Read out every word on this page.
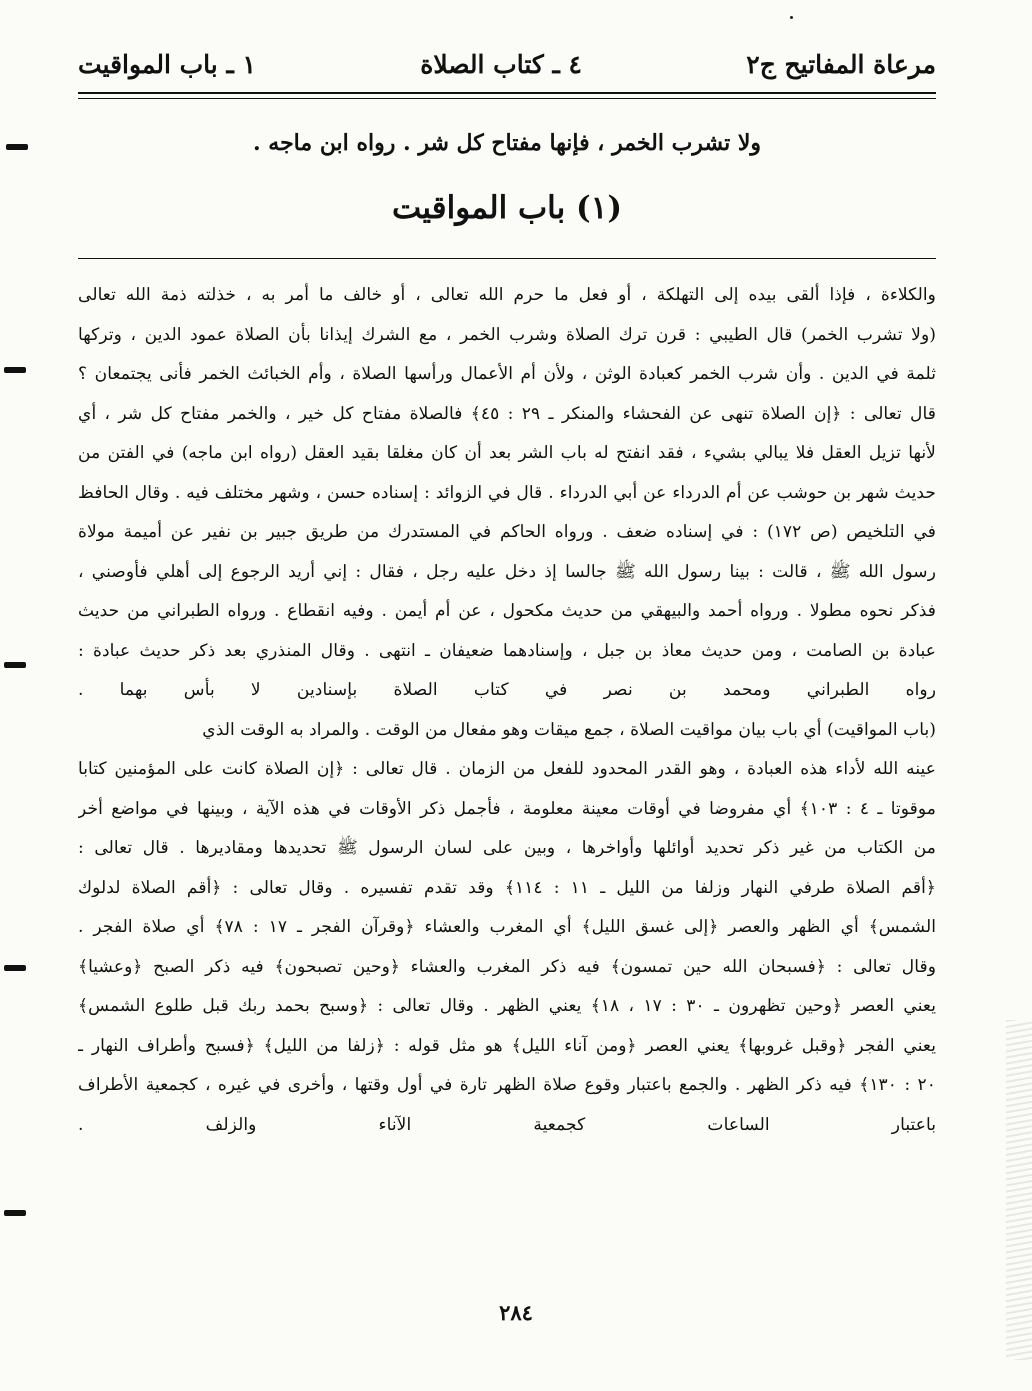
مرعاة المفاتيح ج٢
٤ ـ كتاب الصلاة
١ ـ باب المواقيت
ولا تشرب الخمر ، فإنها مفتاح كل شر . رواه ابن ماجه .
(١) باب المواقيت
والكلاءة ، فإذا ألقى بيده إلى التهلكة ، أو فعل ما حرم الله تعالى ، أو خالف ما أمر به ، خذلته ذمة الله تعالى
(ولا تشرب الخمر) قال الطيبي : قرن ترك الصلاة وشرب الخمر ، مع الشرك إيذانا بأن الصلاة عمود الدين ، وتركها
ثلمة في الدين . وأن شرب الخمر كعبادة الوثن ، ولأن أم الأعمال ورأسها الصلاة ، وأم الخبائث الخمر فأنى يجتمعان ؟
قال تعالى : ﴿إن الصلاة تنهى عن الفحشاء والمنكر ـ ٢٩ : ٤٥﴾ فالصلاة مفتاح كل خير ، والخمر مفتاح كل شر ، أي
لأنها تزيل العقل فلا يبالي بشيء ، فقد انفتح له باب الشر بعد أن كان مغلقا بقيد العقل (رواه ابن ماجه) في الفتن من
حديث شهر بن حوشب عن أم الدرداء عن أبي الدرداء . قال في الزوائد : إسناده حسن ، وشهر مختلف فيه . وقال الحافظ
في التلخيص (ص ١٧٢) : في إسناده ضعف . ورواه الحاكم في المستدرك من طريق جبير بن نفير عن أميمة مولاة
رسول الله ﷺ ، قالت : بينا رسول الله ﷺ جالسا إذ دخل عليه رجل ، فقال : إني أريد الرجوع إلى أهلي فأوصني ،
فذكر نحوه مطولا . ورواه أحمد والبيهقي من حديث مكحول ، عن أم أيمن . وفيه انقطاع . ورواه الطبراني من حديث
عبادة بن الصامت ، ومن حديث معاذ بن جبل ، وإسنادهما ضعيفان ـ انتهى . وقال المنذري بعد ذكر حديث عبادة :
رواه الطبراني ومحمد بن نصر في كتاب الصلاة بإسنادين لا بأس بهما .
(باب المواقيت) أي باب بيان مواقيت الصلاة ، جمع ميقات وهو مفعال من الوقت . والمراد به الوقت الذي
عينه الله لأداء هذه العبادة ، وهو القدر المحدود للفعل من الزمان . قال تعالى : ﴿إن الصلاة كانت على المؤمنين كتابا
موقوتا ـ ٤ : ١٠٣﴾ أي مفروضا في أوقات معينة معلومة ، فأجمل ذكر الأوقات في هذه الآية ، وبينها في مواضع أخر
من الكتاب من غير ذكر تحديد أوائلها وأواخرها ، وبين على لسان الرسول ﷺ تحديدها ومقاديرها . قال تعالى :
﴿أقم الصلاة طرفي النهار وزلفا من الليل ـ ١١ : ١١٤﴾ وقد تقدم تفسيره . وقال تعالى : ﴿أقم الصلاة لدلوك
الشمس﴾ أي الظهر والعصر ﴿إلى غسق الليل﴾ أي المغرب والعشاء ﴿وقرآن الفجر ـ ١٧ : ٧٨﴾ أي صلاة الفجر .
وقال تعالى : ﴿فسبحان الله حين تمسون﴾ فيه ذكر المغرب والعشاء ﴿وحين تصبحون﴾ فيه ذكر الصبح ﴿وعشيا﴾
يعني العصر ﴿وحين تظهرون ـ ٣٠ : ١٧ ، ١٨﴾ يعني الظهر . وقال تعالى : ﴿وسبح بحمد ربك قبل طلوع الشمس﴾
يعني الفجر ﴿وقبل غروبها﴾ يعني العصر ﴿ومن آناء الليل﴾ هو مثل قوله : ﴿زلفا من الليل﴾ ﴿فسبح وأطراف النهار ـ
٢٠ : ١٣٠﴾ فيه ذكر الظهر . والجمع باعتبار وقوع صلاة الظهر تارة في أول وقتها ، وأخرى في غيره ، كجمعية الأطراف
باعتبار الساعات كجمعية الآناء والزلف .
٢٨٤
